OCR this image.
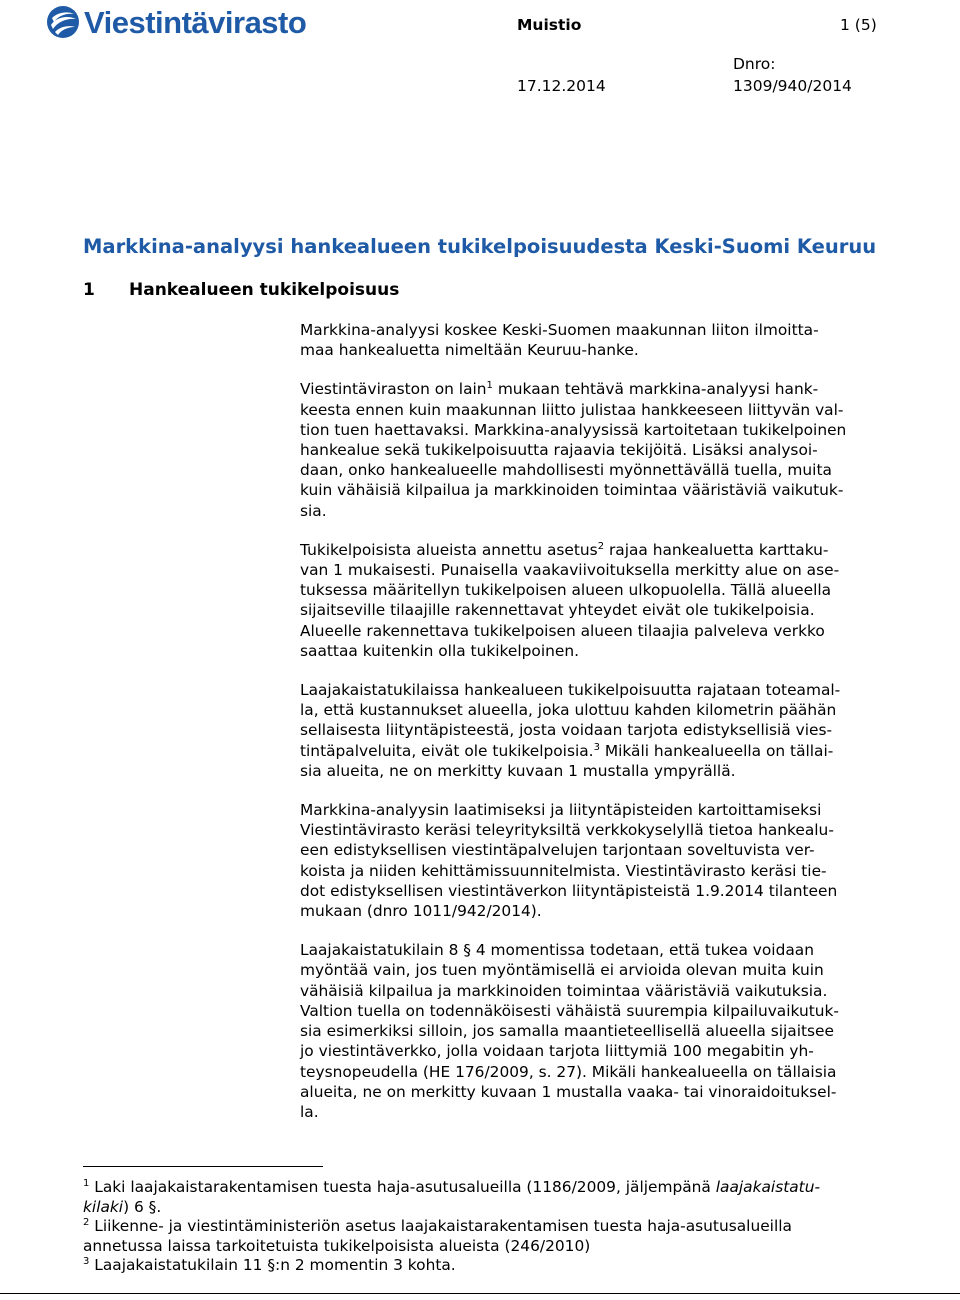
Viestintävirasto	Muistio	1 (5)
Dnro:
17.12.2014	1309/940/2014
Markkina-analyysi hankealueen tukikelpoisuudesta Keski-Suomi Keuruu
1 Hankealueen tukikelpoisuus

Markkina-analyysi koskee Keski-Suomen maakunnan liiton ilmoitta-
maa hankealuetta nimeltään Keuruu-hanke.

Viestintäviraston on lain$^1$ mukaan tehtävä markkina-analyysi hank-
keesta ennen kuin maakunnan liitto julistaa hankkeeseen liittyvän val-
tion tuen haettavaksi. Markkina-analyysissä kartoitetaan tukikelpoinen
hankealue sekä tukikelpoisuutta rajaavia tekijöitä. Lisäksi analysoi-
daan, onko hankealueelle mahdollisesti myönnettävällä tuella, muita
kuin vähäisiä kilpailua ja markkinoiden toimintaa vääristäviä vaikutuk-
sia.

Tukikelpoisista alueista annettu asetus$^2$ rajaa hankealuetta karttaku-
van 1 mukaisesti. Punaisella vaakaviivoituksella merkitty alue on ase-
tuksessa määritellyn tukikelpoisen alueen ulkopuolella. Tällä alueella
sijaitseville tilaajille rakennettavat yhteydet eivät ole tukikelpoisia.
Alueelle rakennettava tukikelpoisen alueen tilaajia palveleva verkko
saattaa kuitenkin olla tukikelpoinen.

Laajakaistatukilaissa hankealueen tukikelpoisuutta rajataan toteamal-
la, että kustannukset alueella, joka ulottuu kahden kilometrin päähän
sellaisesta liityntäpisteestä, josta voidaan tarjota edistyksellisiä vies-
tintäpalveluita, eivät ole tukikelpoisia.$^3$ Mikäli hankealueella on tällai-
sia alueita, ne on merkitty kuvaan 1 mustalla ympyrällä.

Markkina-analyysin laatimiseksi ja liityntäpisteiden kartoittamiseksi
Viestintävirasto keräsi teleyrityksiltä verkkokyselyllä tietoa hankealu-
een edistyksellisen viestintäpalvelujen tarjontaan soveltuvista ver-
koista ja niiden kehittämissuunnitelmista. Viestintävirasto keräsi tie-
dot edistyksellisen viestintäverkon liityntäpisteistä 1.9.2014 tilanteen
mukaan (dnro 1011/942/2014).

Laajakaistatukilain 8 § 4 momentissa todetaan, että tukea voidaan
myöntää vain, jos tuen myöntämisellä ei arvioida olevan muita kuin
vähäisiä kilpailua ja markkinoiden toimintaa vääristäviä vaikutuksia.
Valtion tuella on todennäköisesti vähäistä suurempia kilpailuvaikutuk-
sia esimerkiksi silloin, jos samalla maantieteellisellä alueella sijaitsee
jo viestintäverkko, jolla voidaan tarjota liittymiä 100 megabitin yh-
teysnopeudella (HE 176/2009, s. 27). Mikäli hankealueella on tällaisia
alueita, ne on merkitty kuvaan 1 mustalla vaaka- tai vinoraidoituksel-
la.

$^1$ Laki laajakaistarakentamisen tuesta haja-asutusalueilla (1186/2009, jäljempänä laajakaistatu-
kilaki) 6 §.

$^2$ Liikenne- ja viestintäministeriön asetus laajakaistarakentamisen tuesta haja-asutusalueilla
annetussa laissa tarkoitetuista tukikelpoisista alueista (246/2010)

$^3$ Laajakaistatukilain 11 §:n 2 momentin 3 kohta.
